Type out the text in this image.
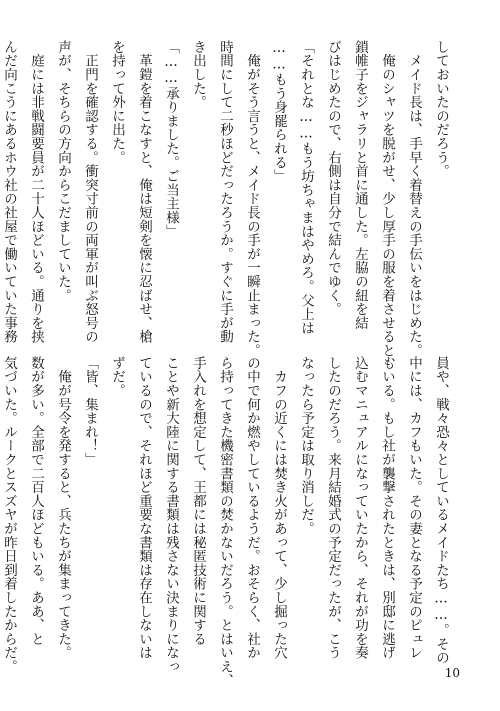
しておいたのだろう。
　メイド長は、手早く着替えの手伝いをはじめた。
　俺のシャツを脱がせ、少し厚手の服を着させると、
鎖帷子をジャラリと首に通した。左脇の紐を結
びはじめたので、右側は自分で結んでゆく。
「それとな……もう坊ちゃまはやめろ。父上は
……もう身罷られる」
　俺がそう言うと、メイド長の手が一瞬止まった。
時間にして二秒ほどだったろうか。すぐに手が動
き出した。
「……承りました。ご当主様」
　革鎧を着こなすと、俺は短剣を懐に忍ばせ、槍
を持って外に出た。
　正門を確認する。衝突寸前の両軍が叫ぶ怒号の
声が、そちらの方向からこだましていた。
　庭には非戦闘要員が二十人ほどいる。通りを挟
んだ向こうにあるホウ社の社屋で働いていた事務
員や、戦々恐々としているメイドたち……。その
中には、カフもいた。その妻となる予定のピュレ
もいる。もし社が襲撃されたときは、別邸に逃げ
込むマニュアルになっていたから、それが功を奏
したのだろう。来月結婚式の予定だったが、こう
なったら予定は取り消しだ。
　カフの近くには焚き火があって、少し掘った穴
の中で何か燃やしているようだ。おそらく、社か
ら持ってきた機密書類の焚かないだろう。とはいえ、
手入れを想定して、王都には秘匿技術に関する
ことや新大陸に関する書類は残さない決まりになっ
ているので、それほど重要な書類は存在しないは
ずだ。
「皆、集まれ！」
　俺が号令を発すると、兵たちが集まってきた。
数が多い。全部で二百人ほどもいる。ああ、と
気づいた。ルークとスズヤが昨日到着したからだ。	10
